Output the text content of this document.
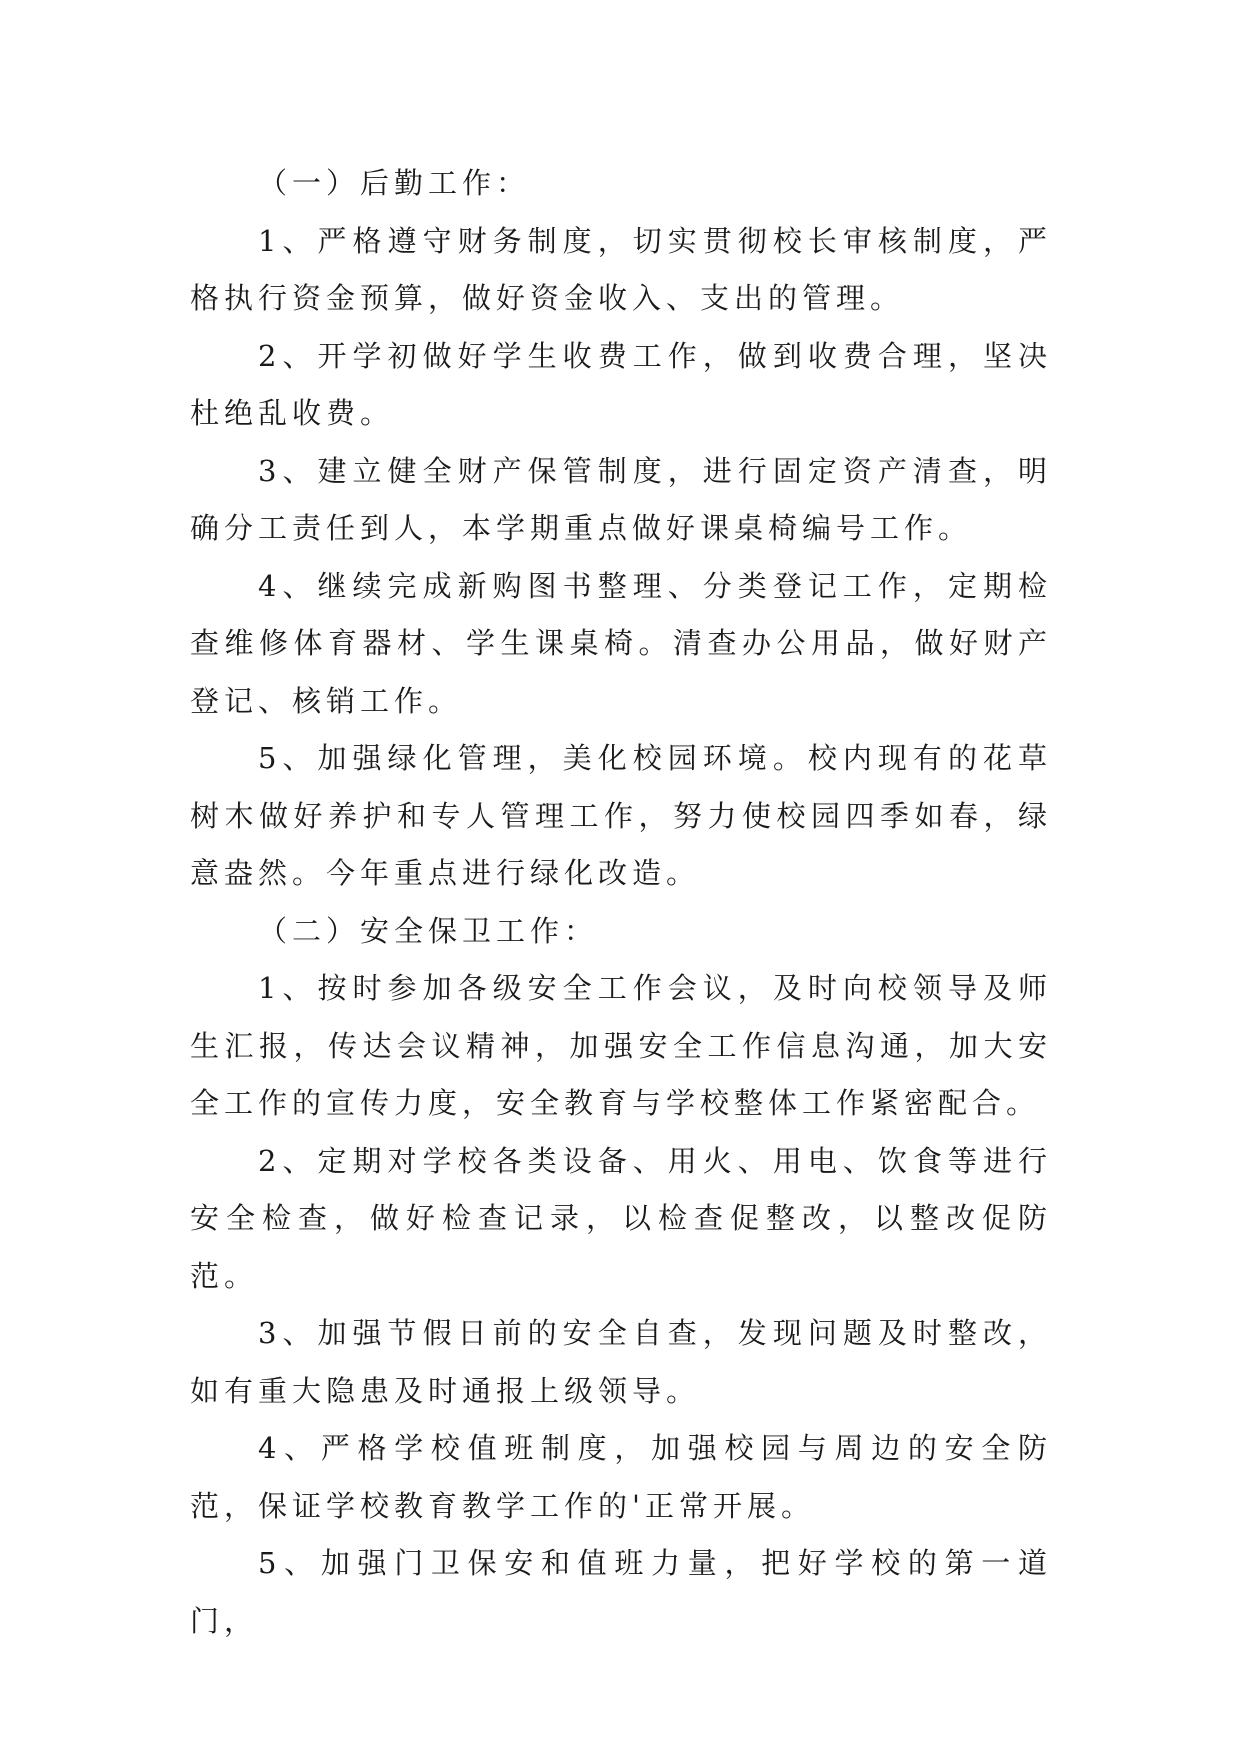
（一）后勤工作：

1、严格遵守财务制度，切实贯彻校长审核制度，严格执行资金预算，做好资金收入、支出的管理。

2、开学初做好学生收费工作，做到收费合理，坚决杜绝乱收费。

3、建立健全财产保管制度，进行固定资产清查，明确分工责任到人，本学期重点做好课桌椅编号工作。

4、继续完成新购图书整理、分类登记工作，定期检查维修体育器材、学生课桌椅。清查办公用品，做好财产登记、核销工作。

5、加强绿化管理，美化校园环境。校内现有的花草树木做好养护和专人管理工作，努力使校园四季如春，绿意盎然。今年重点进行绿化改造。

（二）安全保卫工作：

1、按时参加各级安全工作会议，及时向校领导及师生汇报，传达会议精神，加强安全工作信息沟通，加大安全工作的宣传力度，安全教育与学校整体工作紧密配合。

2、定期对学校各类设备、用火、用电、饮食等进行安全检查，做好检查记录，以检查促整改，以整改促防范。

3、加强节假日前的安全自查，发现问题及时整改，如有重大隐患及时通报上级领导。

4、严格学校值班制度，加强校园与周边的安全防范，保证学校教育教学工作的'正常开展。

5、加强门卫保安和值班力量，把好学校的第一道门，
